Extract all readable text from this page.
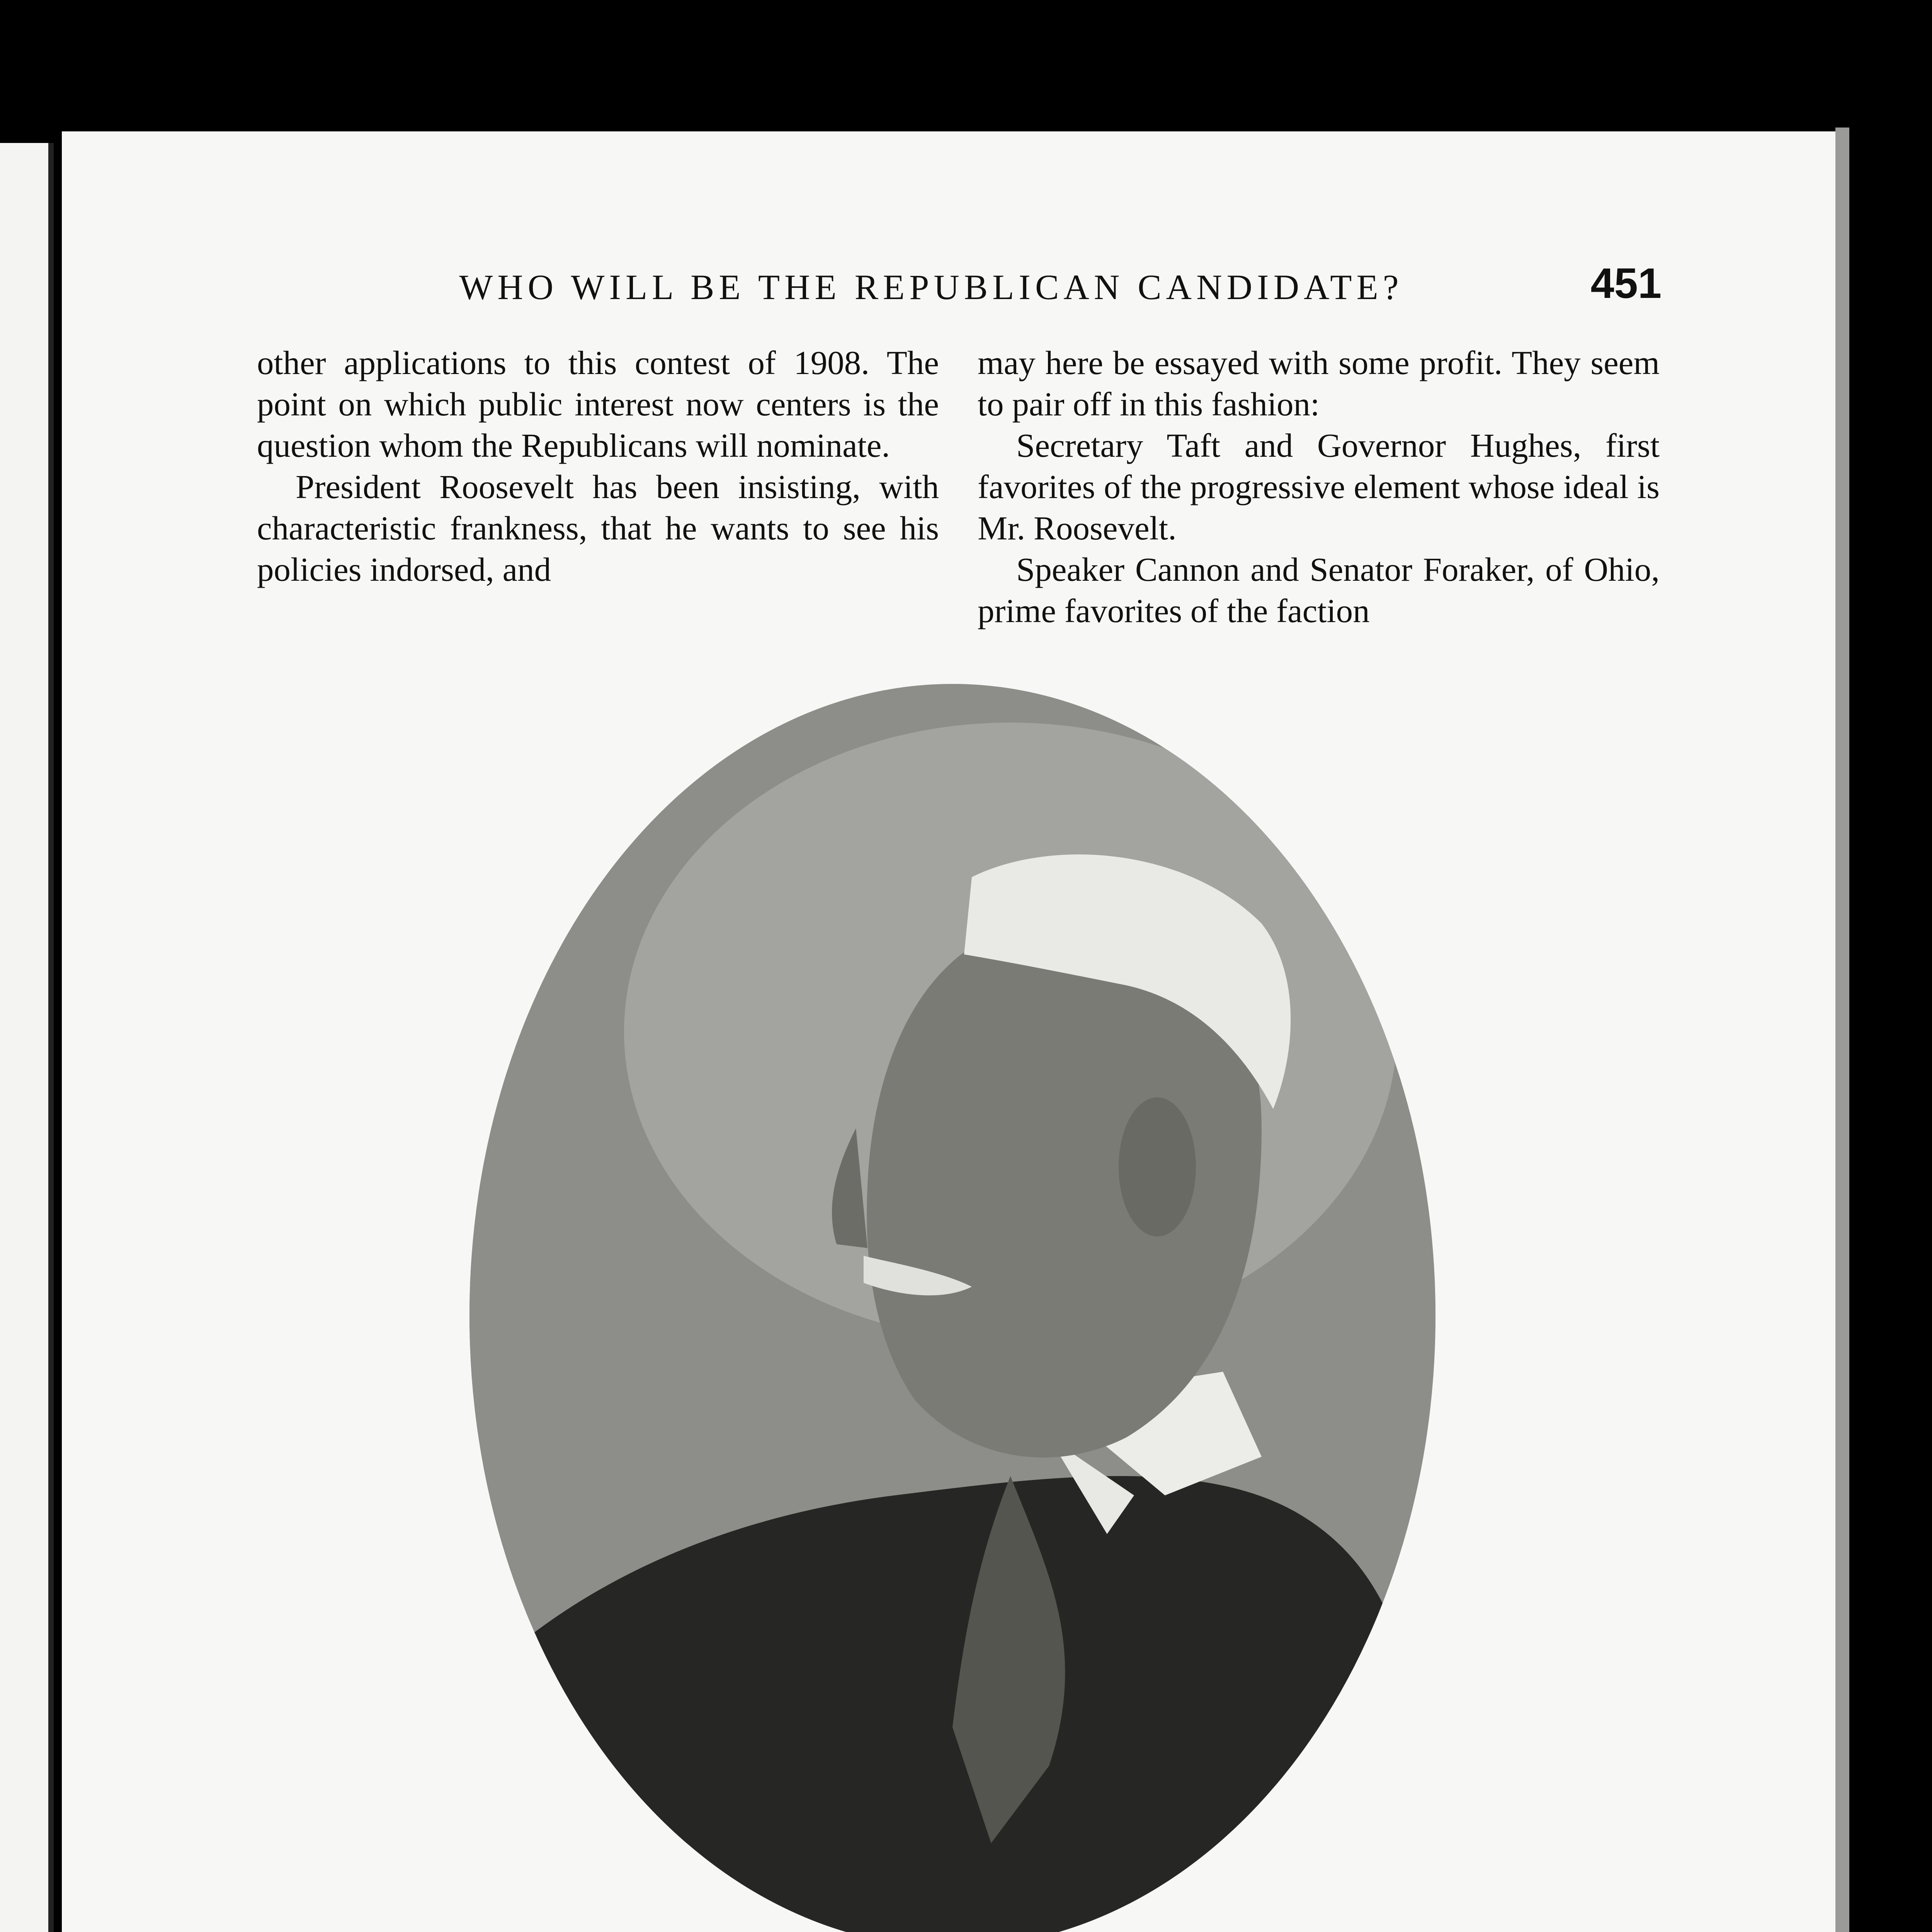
WHO WILL BE THE REPUBLICAN CANDIDATE?	451

other applications to this contest of 1908. The point on which public interest now centers is the question whom the Republicans will nominate.

President Roosevelt has been insisting, with characteristic frankness, that he wants to see his policies indorsed, and

may here be essayed with some profit. They seem to pair off in this fashion:

Secretary Taft and Governor Hughes, first favorites of the progressive element whose ideal is Mr. Roosevelt.

Speaker Cannon and Senator Foraker, of Ohio, prime favorites of the faction
